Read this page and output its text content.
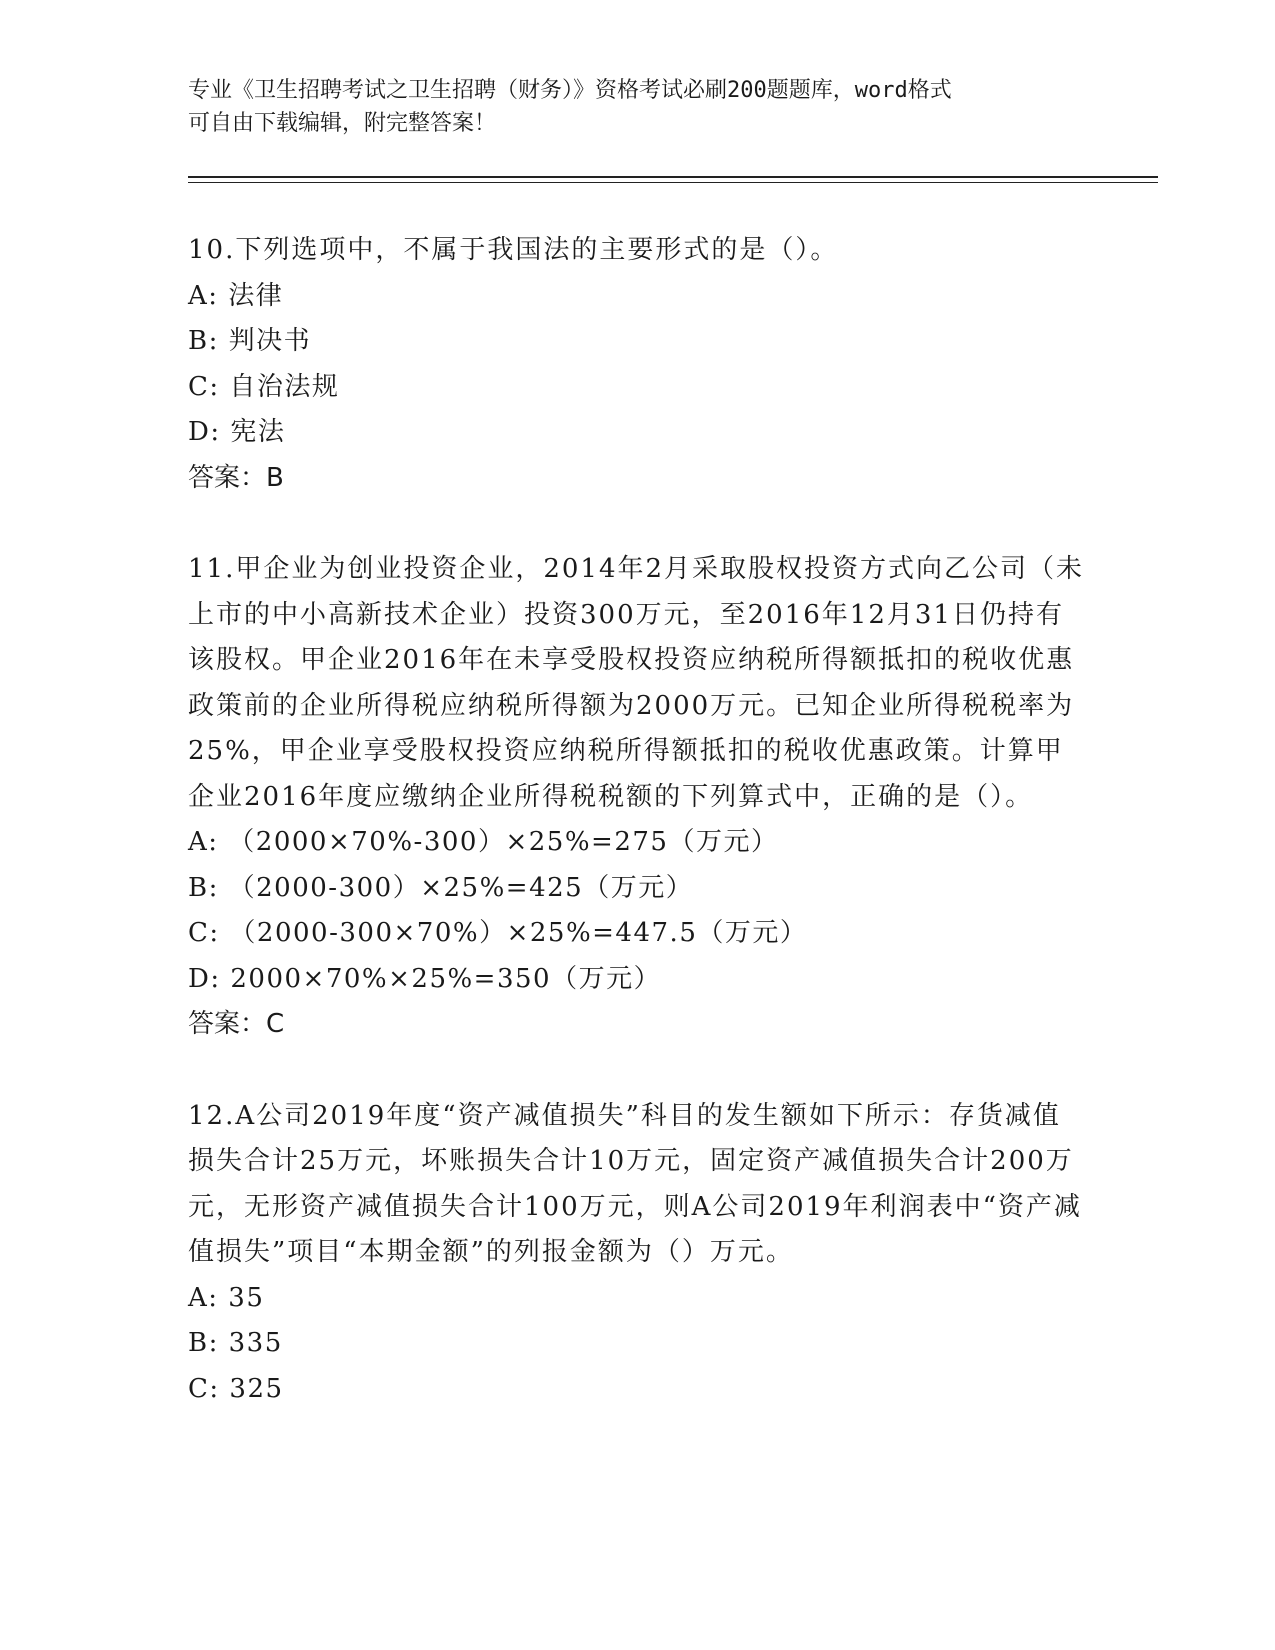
专业《卫生招聘考试之卫生招聘（财务）》资格考试必刷200题题库，word格式
可自由下载编辑，附完整答案！
10.下列选项中，不属于我国法的主要形式的是（）。
A: 法律
B: 判决书
C: 自治法规
D: 宪法
答案：B
11.甲企业为创业投资企业，2014年2月采取股权投资方式向乙公司（未上市的中小高新技术企业）投资300万元，至2016年12月31日仍持有该股权。甲企业2016年在未享受股权投资应纳税所得额抵扣的税收优惠政策前的企业所得税应纳税所得额为2000万元。已知企业所得税税率为25%，甲企业享受股权投资应纳税所得额抵扣的税收优惠政策。计算甲企业2016年度应缴纳企业所得税税额的下列算式中，正确的是（）。
A: （2000×70%-300）×25%=275（万元）
B: （2000-300）×25%=425（万元）
C: （2000-300×70%）×25%=447.5（万元）
D: 2000×70%×25%=350（万元）
答案：C
12.A公司2019年度“资产减值损失”科目的发生额如下所示：存货减值损失合计25万元，坏账损失合计10万元，固定资产减值损失合计200万元，无形资产减值损失合计100万元，则A公司2019年利润表中“资产减值损失”项目“本期金额”的列报金额为（）万元。
A: 35
B: 335
C: 325
